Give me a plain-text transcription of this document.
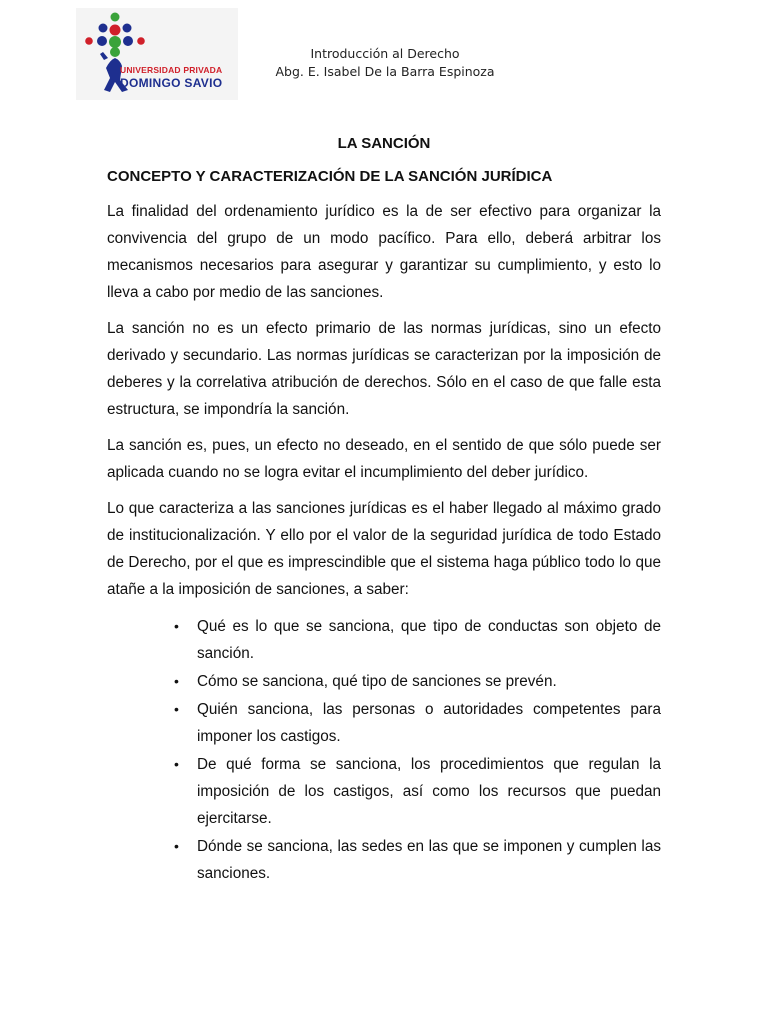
UNIVERSIDAD PRIVADA
DOMINGO SAVIO
Introducción al Derecho
Abg. E. Isabel De la Barra Espinoza
LA SANCIÓN
CONCEPTO Y CARACTERIZACIÓN DE LA SANCIÓN JURÍDICA

La finalidad del ordenamiento jurídico es la de ser efectivo para organizar la convivencia del grupo de un modo pacífico. Para ello, deberá arbitrar los mecanismos necesarios para asegurar y garantizar su cumplimiento, y esto lo lleva a cabo por medio de las sanciones.

La sanción no es un efecto primario de las normas jurídicas, sino un efecto derivado y secundario. Las normas jurídicas se caracterizan por la imposición de deberes y la correlativa atribución de derechos. Sólo en el caso de que falle esta estructura, se impondría la sanción.

La sanción es, pues, un efecto no deseado, en el sentido de que sólo puede ser aplicada cuando no se logra evitar el incumplimiento del deber jurídico.

Lo que caracteriza a las sanciones jurídicas es el haber llegado al máximo grado de institucionalización. Y ello por el valor de la seguridad jurídica de todo Estado de Derecho, por el que es imprescindible que el sistema haga público todo lo que atañe a la imposición de sanciones, a saber:

• Qué es lo que se sanciona, que tipo de conductas son objeto de sanción.
• Cómo se sanciona, qué tipo de sanciones se prevén.
• Quién sanciona, las personas o autoridades competentes para imponer los castigos.
• De qué forma se sanciona, los procedimientos que regulan la imposición de los castigos, así como los recursos que puedan ejercitarse.
• Dónde se sanciona, las sedes en las que se imponen y cumplen las sanciones.
